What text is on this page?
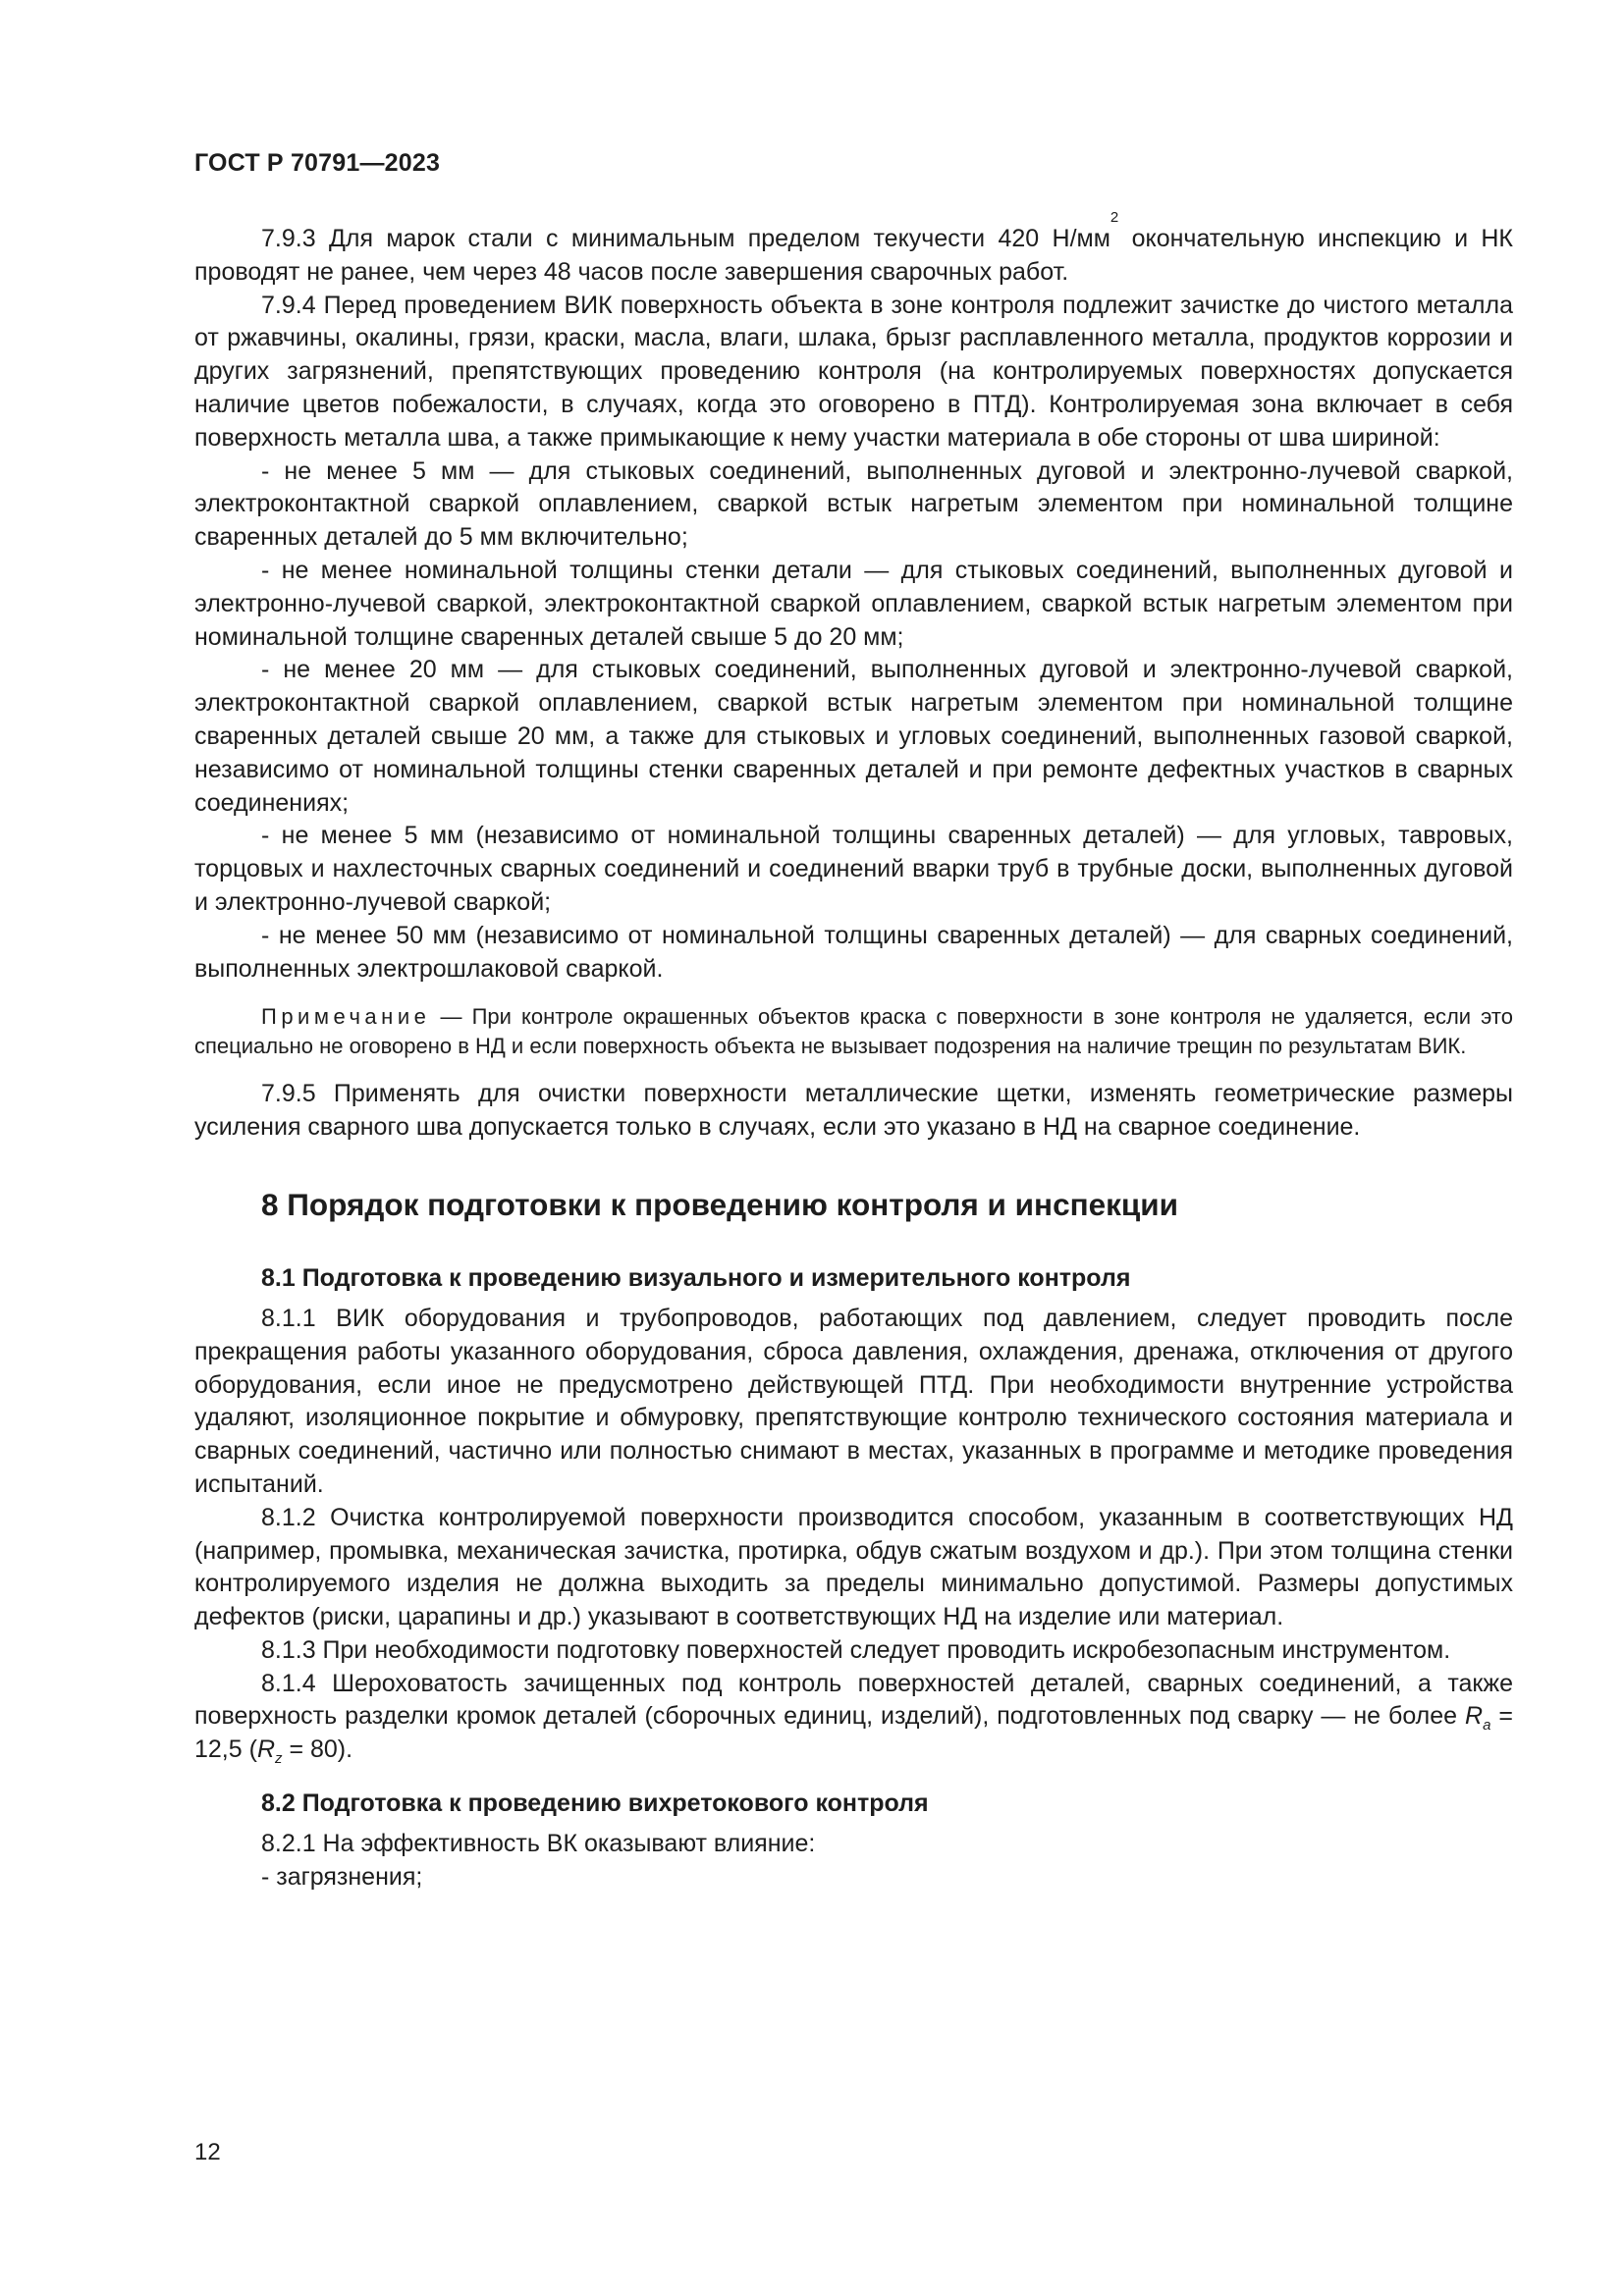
ГОСТ Р 70791—2023

7.9.3 Для марок стали с минимальным пределом текучести 420 $Н/мм^2$ окончательную инспекцию и НК проводят не ранее, чем через 48 часов после завершения сварочных работ.

7.9.4 Перед проведением ВИК поверхность объекта в зоне контроля подлежит зачистке до чистого металла от ржавчины, окалины, грязи, краски, масла, влаги, шлака, брызг расплавленного металла, продуктов коррозии и других загрязнений, препятствующих проведению контроля (на контролируемых поверхностях допускается наличие цветов побежалости, в случаях, когда это оговорено в ПТД). Контролируемая зона включает в себя поверхность металла шва, а также примыкающие к нему участки материала в обе стороны от шва шириной:

- не менее 5 мм — для стыковых соединений, выполненных дуговой и электронно-лучевой сваркой, электроконтактной сваркой оплавлением, сваркой встык нагретым элементом при номинальной толщине сваренных деталей до 5 мм включительно;

- не менее номинальной толщины стенки детали — для стыковых соединений, выполненных дуговой и электронно-лучевой сваркой, электроконтактной сваркой оплавлением, сваркой встык нагретым элементом при номинальной толщине сваренных деталей свыше 5 до 20 мм;

- не менее 20 мм — для стыковых соединений, выполненных дуговой и электронно-лучевой сваркой, электроконтактной сваркой оплавлением, сваркой встык нагретым элементом при номинальной толщине сваренных деталей свыше 20 мм, а также для стыковых и угловых соединений, выполненных газовой сваркой, независимо от номинальной толщины стенки сваренных деталей и при ремонте дефектных участков в сварных соединениях;

- не менее 5 мм (независимо от номинальной толщины сваренных деталей) — для угловых, тавровых, торцовых и нахлесточных сварных соединений и соединений вварки труб в трубные доски, выполненных дуговой и электронно-лучевой сваркой;

- не менее 50 мм (независимо от номинальной толщины сваренных деталей) — для сварных соединений, выполненных электрошлаковой сваркой.

Примечание — При контроле окрашенных объектов краска с поверхности в зоне контроля не удаляется, если это специально не оговорено в НД и если поверхность объекта не вызывает подозрения на наличие трещин по результатам ВИК.

7.9.5 Применять для очистки поверхности металлические щетки, изменять геометрические размеры усиления сварного шва допускается только в случаях, если это указано в НД на сварное соединение.

8 Порядок подготовки к проведению контроля и инспекции
8.1 Подготовка к проведению визуального и измерительного контроля

8.1.1 ВИК оборудования и трубопроводов, работающих под давлением, следует проводить после прекращения работы указанного оборудования, сброса давления, охлаждения, дренажа, отключения от другого оборудования, если иное не предусмотрено действующей ПТД. При необходимости внутренние устройства удаляют, изоляционное покрытие и обмуровку, препятствующие контролю технического состояния материала и сварных соединений, частично или полностью снимают в местах, указанных в программе и методике проведения испытаний.

8.1.2 Очистка контролируемой поверхности производится способом, указанным в соответствующих НД (например, промывка, механическая зачистка, протирка, обдув сжатым воздухом и др.). При этом толщина стенки контролируемого изделия не должна выходить за пределы минимально допустимой. Размеры допустимых дефектов (риски, царапины и др.) указывают в соответствующих НД на изделие или материал.

8.1.3 При необходимости подготовку поверхностей следует проводить искробезопасным инструментом.

8.1.4 Шероховатость зачищенных под контроль поверхностей деталей, сварных соединений, а также поверхность разделки кромок деталей (сборочных единиц, изделий), подготовленных под сварку — не более $R_a = 12,5$ $(R_z = 80)$.

8.2 Подготовка к проведению вихретокового контроля

8.2.1 На эффективность ВК оказывают влияние:

- загрязнения;

12
